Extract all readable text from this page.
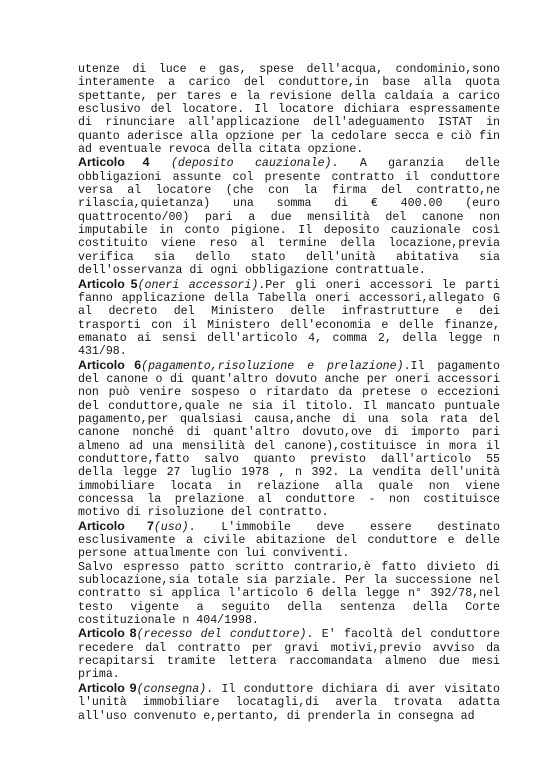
utenze di luce e gas, spese dell'acqua, condominio,sono interamente a carico del conduttore,in base alla quota spettante, per tares e la revisione della caldaia a carico esclusivo del locatore. Il locatore dichiara espressamente di rinunciare all'applicazione dell'adeguamento ISTAT in quanto aderisce alla opzione per la cedolare secca e ciò fin ad eventuale revoca della citata opzione.

Articolo 4 (deposito cauzionale). A garanzia delle obbligazioni assunte col presente contratto il conduttore versa al locatore (che con la firma del contratto,ne rilascia,quietanza) una somma di € 400.00 (euro quattrocento/00) pari a due mensilità del canone non imputabile in conto pigione. Il deposito cauzionale così costituito viene reso al termine della locazione,previa verifica sia dello stato dell'unità abitativa sia dell'osservanza di ogni obbligazione contrattuale.

Articolo 5(oneri accessori).Per gli oneri accessori le parti fanno applicazione della Tabella oneri accessori,allegato G al decreto del Ministero delle infrastrutture e dei trasporti con il Ministero dell'economia e delle finanze, emanato ai sensi dell'articolo 4, comma 2, della legge n 431/98.

Articolo 6(pagamento,risoluzione e prelazione).Il pagamento del canone o di quant'altro dovuto anche per oneri accessori non può venire sospeso o ritardato da pretese o eccezioni del conduttore,quale ne sia il titolo. Il mancato puntuale pagamento,per qualsiasi causa,anche di una sola rata del canone nonché di quant'altro dovuto,ove di importo pari almeno ad una mensilità del canone),costituisce in mora il conduttore,fatto salvo quanto previsto dall'articolo 55 della legge 27 luglio 1978 , n 392. La vendita dell'unità immobiliare locata in relazione alla quale non viene concessa la prelazione al conduttore - non costituisce motivo di risoluzione del contratto.

Articolo 7(uso). L'immobile deve essere destinato esclusivamente a civile abitazione del conduttore e delle persone attualmente con lui conviventi.

Salvo espresso patto scritto contrario,è fatto divieto di sublocazione,sia totale sia parziale. Per la successione nel contratto si applica l'articolo 6 della legge n° 392/78,nel testo vigente a seguito della sentenza della Corte costituzionale n 404/1998.

Articolo 8(recesso del conduttore). E' facoltà del conduttore recedere dal contratto per gravi motivi,previo avviso da recapitarsi tramite lettera raccomandata almeno due mesi prima.

Articolo 9(consegna). Il conduttore dichiara di aver visitato l'unità immobiliare locatagli,di averla trovata adatta all'uso convenuto e,pertanto, di prenderla in consegna ad
